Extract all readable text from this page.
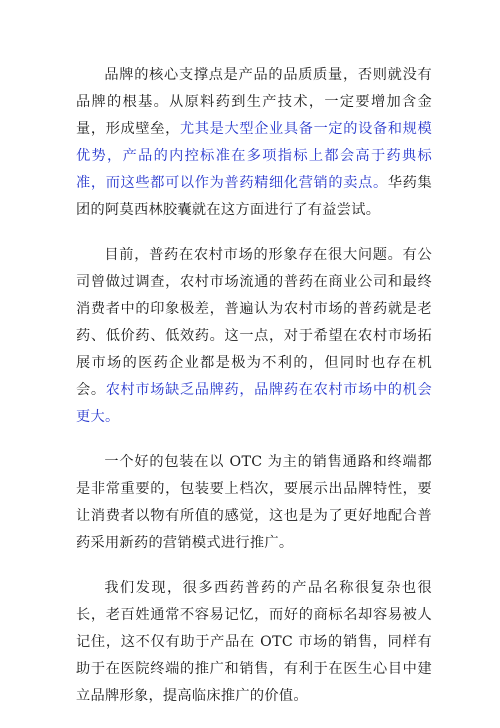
品牌的核心支撑点是产品的品质质量，否则就没有品牌的根基。从原料药到生产技术，一定要增加含金量，形成壁垒，尤其是大型企业具备一定的设备和规模优势，产品的内控标准在多项指标上都会高于药典标准，而这些都可以作为普药精细化营销的卖点。华药集团的阿莫西林胶囊就在这方面进行了有益尝试。

目前，普药在农村市场的形象存在很大问题。有公司曾做过调查，农村市场流通的普药在商业公司和最终消费者中的印象极差，普遍认为农村市场的普药就是老药、低价药、低效药。这一点，对于希望在农村市场拓展市场的医药企业都是极为不利的，但同时也存在机会。农村市场缺乏品牌药，品牌药在农村市场中的机会更大。

一个好的包装在以 OTC 为主的销售通路和终端都是非常重要的，包装要上档次，要展示出品牌特性，要让消费者以物有所值的感觉，这也是为了更好地配合普药采用新药的营销模式进行推广。

我们发现，很多西药普药的产品名称很复杂也很长，老百姓通常不容易记忆，而好的商标名却容易被人记住，这不仅有助于产品在 OTC 市场的销售，同样有助于在医院终端的推广和销售，有利于在医生心目中建立品牌形象，提高临床推广的价值。
